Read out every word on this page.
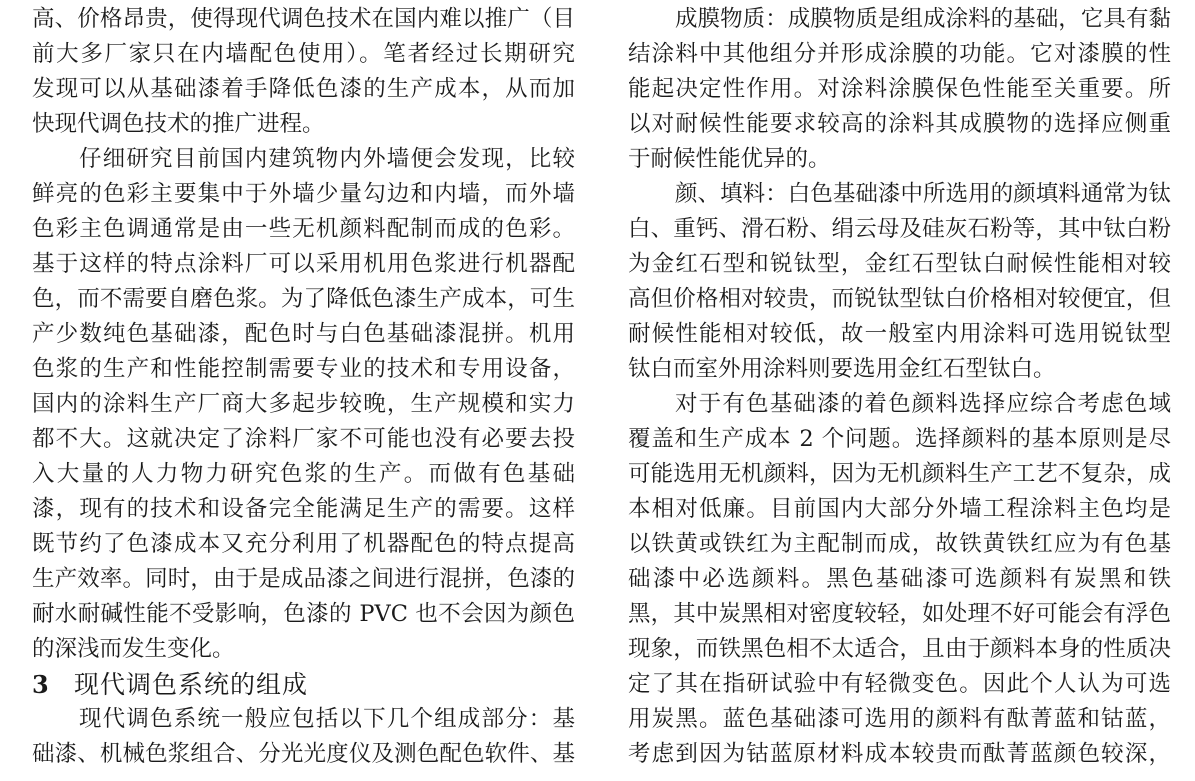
高、价格昂贵，使得现代调色技术在国内难以推广（目
前大多厂家只在内墙配色使用）。笔者经过长期研究
发现可以从基础漆着手降低色漆的生产成本，从而加
快现代调色技术的推广进程。
仔细研究目前国内建筑物内外墙便会发现，比较
鲜亮的色彩主要集中于外墙少量勾边和内墙，而外墙
色彩主色调通常是由一些无机颜料配制而成的色彩。
基于这样的特点涂料厂可以采用机用色浆进行机器配
色，而不需要自磨色浆。为了降低色漆生产成本，可生
产少数纯色基础漆，配色时与白色基础漆混拼。机用
色浆的生产和性能控制需要专业的技术和专用设备，
国内的涂料生产厂商大多起步较晚，生产规模和实力
都不大。这就决定了涂料厂家不可能也没有必要去投
入大量的人力物力研究色浆的生产。而做有色基础
漆，现有的技术和设备完全能满足生产的需要。这样
既节约了色漆成本又充分利用了机器配色的特点提高
生产效率。同时，由于是成品漆之间进行混拼，色漆的
耐水耐碱性能不受影响，色漆的 PVC 也不会因为颜色
的深浅而发生变化。
3 现代调色系统的组成
现代调色系统一般应包括以下几个组成部分：基
础漆、机械色浆组合、分光光度仪及测色配色软件、基
成膜物质：成膜物质是组成涂料的基础，它具有黏
结涂料中其他组分并形成涂膜的功能。它对漆膜的性
能起决定性作用。对涂料涂膜保色性能至关重要。所
以对耐候性能要求较高的涂料其成膜物的选择应侧重
于耐候性能优异的。
颜、填料：白色基础漆中所选用的颜填料通常为钛
白、重钙、滑石粉、绢云母及硅灰石粉等，其中钛白粉
为金红石型和锐钛型，金红石型钛白耐候性能相对较
高但价格相对较贵，而锐钛型钛白价格相对较便宜，但
耐候性能相对较低，故一般室内用涂料可选用锐钛型
钛白而室外用涂料则要选用金红石型钛白。
对于有色基础漆的着色颜料选择应综合考虑色域
覆盖和生产成本 2 个问题。选择颜料的基本原则是尽
可能选用无机颜料，因为无机颜料生产工艺不复杂，成
本相对低廉。目前国内大部分外墙工程涂料主色均是
以铁黄或铁红为主配制而成，故铁黄铁红应为有色基
础漆中必选颜料。黑色基础漆可选颜料有炭黑和铁
黑，其中炭黑相对密度较轻，如处理不好可能会有浮色
现象，而铁黑色相不太适合，且由于颜料本身的性质决
定了其在指研试验中有轻微变色。因此个人认为可选
用炭黑。蓝色基础漆可选用的颜料有酞菁蓝和钴蓝，
考虑到因为钴蓝原材料成本较贵而酞菁蓝颜色较深，
